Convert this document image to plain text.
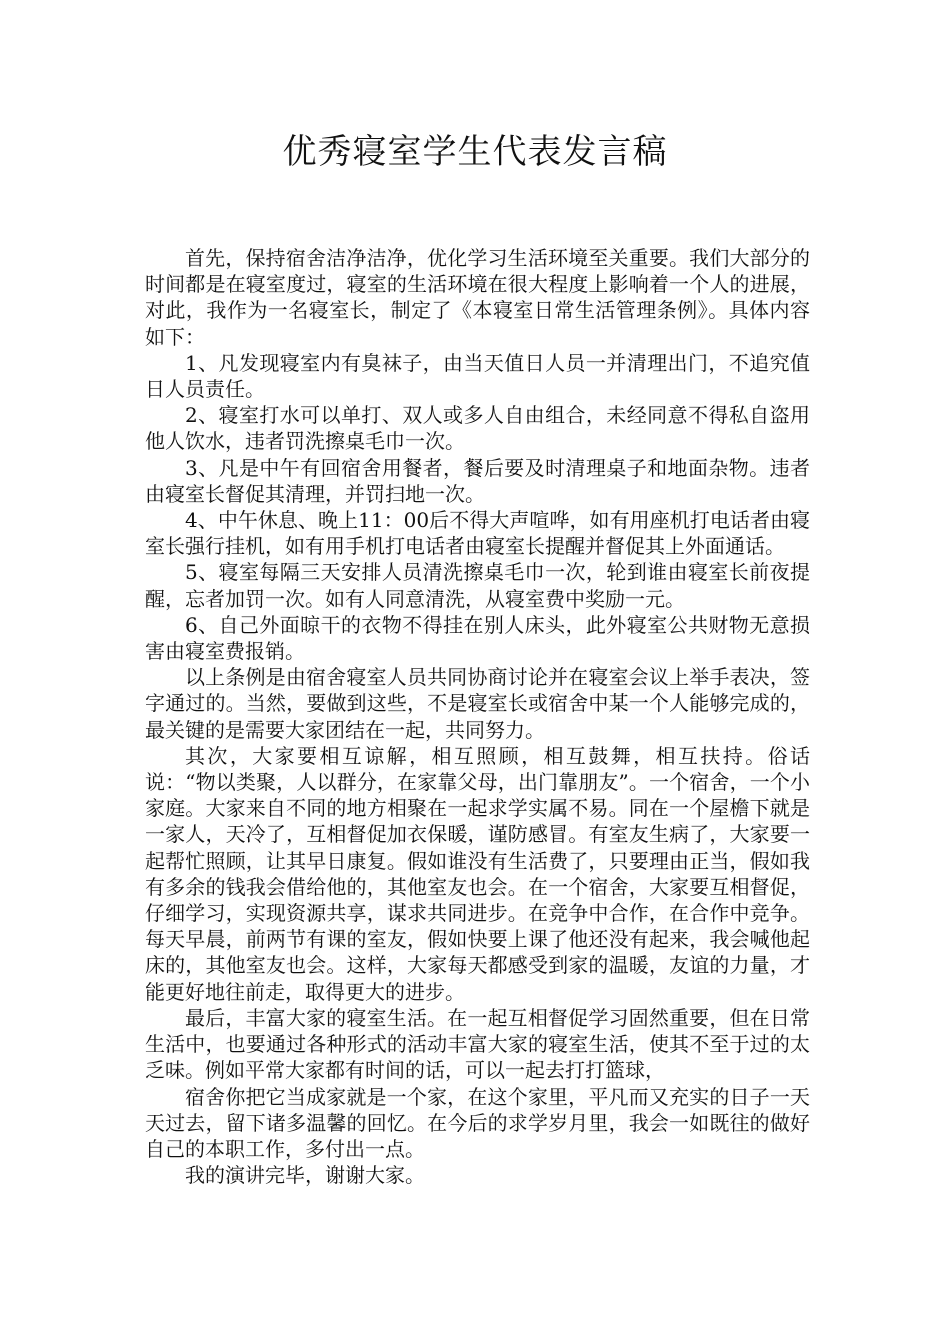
优秀寝室学生代表发言稿

首先，保持宿舍洁净洁净，优化学习生活环境至关重要。我们大部分的时间都是在寝室度过，寝室的生活环境在很大程度上影响着一个人的进展，对此，我作为一名寝室长，制定了《本寝室日常生活管理条例》。具体内容如下：

1、凡发现寝室内有臭袜子，由当天值日人员一并清理出门，不追究值日人员责任。

2、寝室打水可以单打、双人或多人自由组合，未经同意不得私自盗用他人饮水，违者罚洗擦桌毛巾一次。

3、凡是中午有回宿舍用餐者，餐后要及时清理桌子和地面杂物。违者由寝室长督促其清理，并罚扫地一次。

4、中午休息、晚上11：00后不得大声喧哗，如有用座机打电话者由寝室长强行挂机，如有用手机打电话者由寝室长提醒并督促其上外面通话。

5、寝室每隔三天安排人员清洗擦桌毛巾一次，轮到谁由寝室长前夜提醒，忘者加罚一次。如有人同意清洗，从寝室费中奖励一元。

6、自己外面晾干的衣物不得挂在别人床头，此外寝室公共财物无意损害由寝室费报销。

以上条例是由宿舍寝室人员共同协商讨论并在寝室会议上举手表决，签字通过的。当然，要做到这些，不是寝室长或宿舍中某一个人能够完成的，最关键的是需要大家团结在一起，共同努力。

其次，大家要相互谅解，相互照顾，相互鼓舞，相互扶持。俗话说：“物以类聚，人以群分，在家靠父母，出门靠朋友”。一个宿舍，一个小家庭。大家来自不同的地方相聚在一起求学实属不易。同在一个屋檐下就是一家人，天冷了，互相督促加衣保暖，谨防感冒。有室友生病了，大家要一起帮忙照顾，让其早日康复。假如谁没有生活费了，只要理由正当，假如我有多余的钱我会借给他的，其他室友也会。在一个宿舍，大家要互相督促，仔细学习，实现资源共享，谋求共同进步。在竞争中合作，在合作中竞争。每天早晨，前两节有课的室友，假如快要上课了他还没有起来，我会喊他起床的，其他室友也会。这样，大家每天都感受到家的温暖，友谊的力量，才能更好地往前走，取得更大的进步。

最后，丰富大家的寝室生活。在一起互相督促学习固然重要，但在日常生活中，也要通过各种形式的活动丰富大家的寝室生活，使其不至于过的太乏味。例如平常大家都有时间的话，可以一起去打打篮球，

宿舍你把它当成家就是一个家，在这个家里，平凡而又充实的日子一天天过去，留下诸多温馨的回忆。在今后的求学岁月里，我会一如既往的做好自己的本职工作，多付出一点。

我的演讲完毕，谢谢大家。
